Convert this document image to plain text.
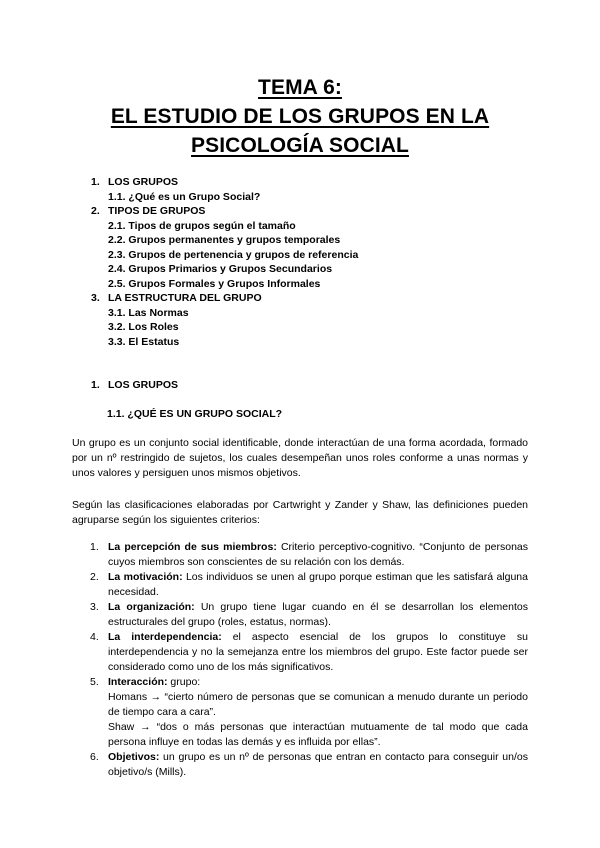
TEMA 6:
EL ESTUDIO DE LOS GRUPOS EN LA
PSICOLOGÍA SOCIAL
1. LOS GRUPOS
1.1. ¿Qué es un Grupo Social?
2. TIPOS DE GRUPOS
2.1. Tipos de grupos según el tamaño
2.2. Grupos permanentes y grupos temporales
2.3. Grupos de pertenencia y grupos de referencia
2.4. Grupos Primarios y Grupos Secundarios
2.5. Grupos Formales y Grupos Informales
3. LA ESTRUCTURA DEL GRUPO
3.1. Las Normas
3.2. Los Roles
3.3. El Estatus
1. LOS GRUPOS
1.1. ¿QUÉ ES UN GRUPO SOCIAL?

Un grupo es un conjunto social identificable, donde interactúan de una forma acordada, formado por un nº restringido de sujetos, los cuales desempeñan unos roles conforme a unas normas y unos valores y persiguen unos mismos objetivos.

Según las clasificaciones elaboradas por Cartwright y Zander y Shaw, las definiciones pueden agruparse según los siguientes criterios:

1. La percepción de sus miembros: Criterio perceptivo-cognitivo. “Conjunto de personas cuyos miembros son conscientes de su relación con los demás.
2. La motivación: Los individuos se unen al grupo porque estiman que les satisfará alguna necesidad.
3. La organización: Un grupo tiene lugar cuando en él se desarrollan los elementos estructurales del grupo (roles, estatus, normas).
4. La interdependencia: el aspecto esencial de los grupos lo constituye su interdependencia y no la semejanza entre los miembros del grupo. Este factor puede ser considerado como uno de los más significativos.
5. Interacción: grupo:
Homans → “cierto número de personas que se comunican a menudo durante un periodo de tiempo cara a cara”.
Shaw → “dos o más personas que interactúan mutuamente de tal modo que cada persona influye en todas las demás y es influida por ellas”.
6. Objetivos: un grupo es un nº de personas que entran en contacto para conseguir un/os objetivo/s (Mills).
